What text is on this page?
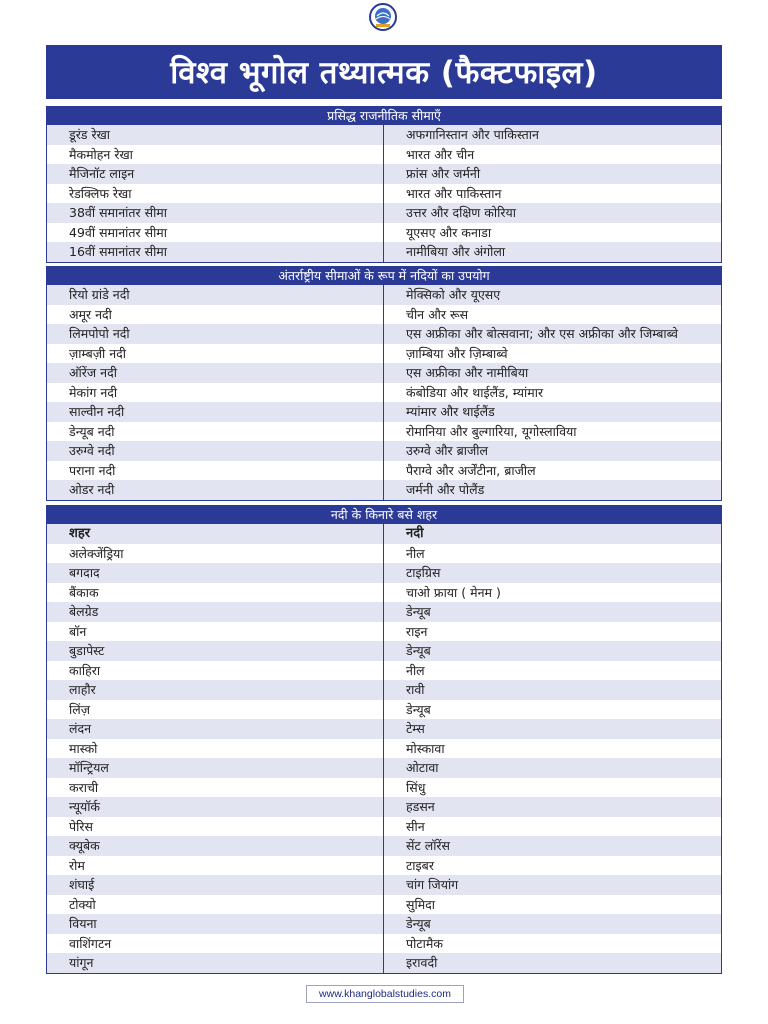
विश्व भूगोल तथ्यात्मक (फैक्टफाइल)
प्रसिद्ध राजनीतिक सीमाएँ
डूरंड रेखा	अफगानिस्तान और पाकिस्तान
मैकमोहन रेखा	भारत और चीन
मैजिनॉट लाइन	फ्रांस और जर्मनी
रेडक्लिफ रेखा	भारत और पाकिस्तान
38वीं समानांतर सीमा	उत्तर और दक्षिण कोरिया
49वीं समानांतर सीमा	यूएसए और कनाडा
16वीं समानांतर सीमा	नामीबिया और अंगोला
अंतर्राष्ट्रीय सीमाओं के रूप में नदियों का उपयोग
रियो ग्रांडे नदी	मेक्सिको और यूएसए
अमूर नदी	चीन और रूस
लिमपोपो नदी	एस अफ्रीका और बोत्सवाना; और एस अफ्रीका और जिम्बाब्वे
ज़ाम्बज़ी नदी	ज़ाम्बिया और ज़िम्बाब्वे
ऑरेंज नदी	एस अफ्रीका और नामीबिया
मेकांग नदी	कंबोडिया और थाईलैंड, म्यांमार
साल्वीन नदी	म्यांमार और थाईलैंड
डेन्यूब नदी	रोमानिया और बुल्गारिया, यूगोस्लाविया
उरुग्वे नदी	उरुग्वे और ब्राजील
पराना नदी	पैराग्वे और अर्जेंटीना, ब्राजील
ओडर नदी	जर्मनी और पोलैंड
नदी के किनारे बसे शहर
शहर	नदी
अलेक्जेंड्रिया	नील
बगदाद	टाइग्रिस
बैंकाक	चाओ फ्राया ( मेनम )
बेलग्रेड	डेन्यूब
बॉन	राइन
बुडापेस्ट	डेन्यूब
काहिरा	नील
लाहौर	रावी
लिंज़	डेन्यूब
लंदन	टेम्स
मास्को	मोस्कावा
मॉन्ट्रियल	ओटावा
कराची	सिंधु
न्यूयॉर्क	हडसन
पेरिस	सीन
क्यूबेक	सेंट लॉरेंस
रोम	टाइबर
शंघाई	चांग जियांग
टोक्यो	सुमिदा
वियना	डेन्यूब
वाशिंगटन	पोटामैक
यांगून	इरावदी
www.khanglobalstudies.com
